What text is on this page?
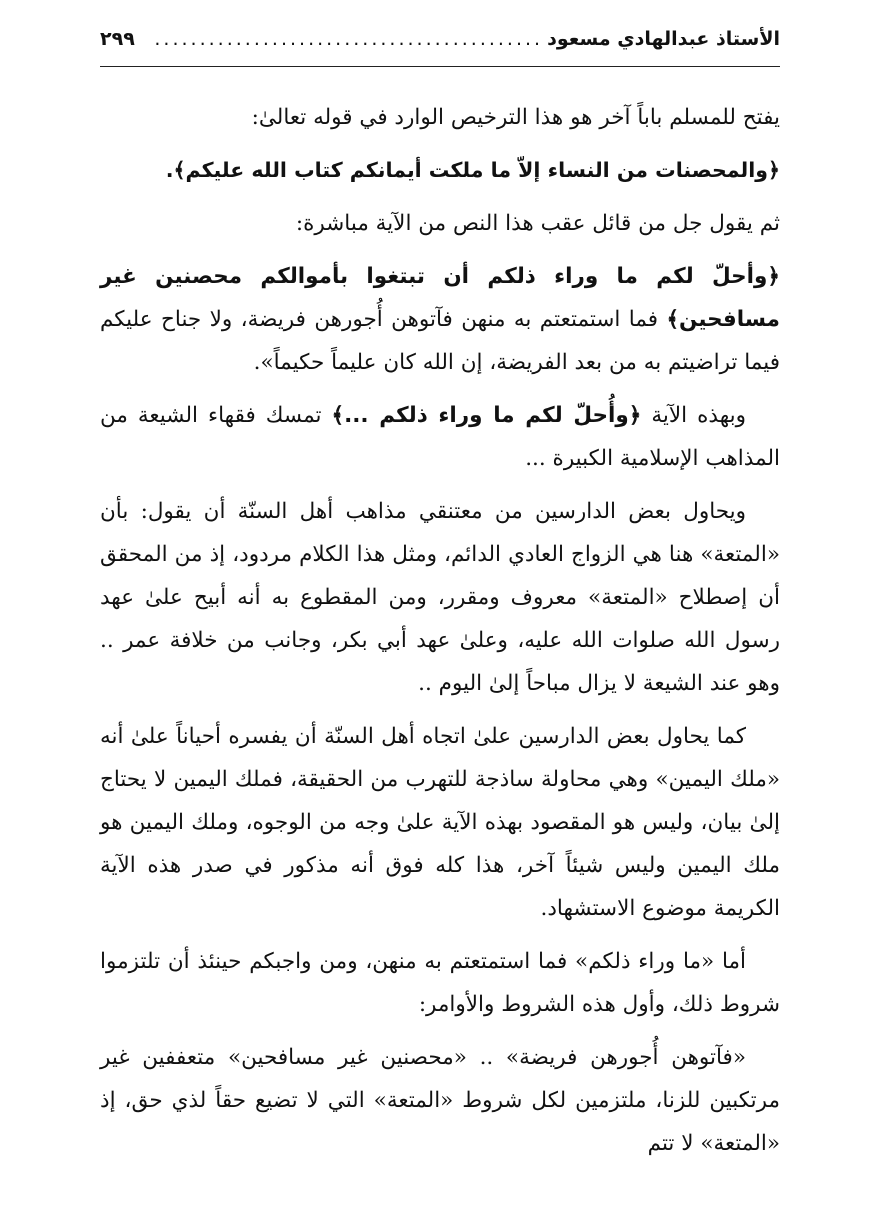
الأستاذ عبدالهادي مسعود
...........................................
٢٩٩

يفتح للمسلم باباً آخر هو هذا الترخيص الوارد في قوله تعالىٰ:

﴿والمحصنات من النساء إلاّ ما ملكت أيمانكم كتاب الله عليكم﴾.

ثم يقول جل من قائل عقب هذا النص من الآية مباشرة:

﴿وأحلّ لكم ما وراء ذلكم أن تبتغوا بأموالكم محصنين غير مسافحين﴾ فما استمتعتم به منهن فآتوهن أُجورهن فريضة، ولا جناح عليكم فيما تراضيتم به من بعد الفريضة، إن الله كان عليماً حكيماً».

وبهذه الآية ﴿وأُحلّ لكم ما وراء ذلكم ...﴾ تمسك فقهاء الشيعة من المذاهب الإسلامية الكبيرة ...

ويحاول بعض الدارسين من معتنقي مذاهب أهل السنّة أن يقول: بأن «المتعة» هنا هي الزواج العادي الدائم، ومثل هذا الكلام مردود، إذ من المحقق أن إصطلاح «المتعة» معروف ومقرر، ومن المقطوع به أنه أبيح علىٰ عهد رسول الله صلوات الله عليه، وعلىٰ عهد أبي بكر، وجانب من خلافة عمر .. وهو عند الشيعة لا يزال مباحاً إلىٰ اليوم ..

كما يحاول بعض الدارسين علىٰ اتجاه أهل السنّة أن يفسره أحياناً علىٰ أنه «ملك اليمين» وهي محاولة ساذجة للتهرب من الحقيقة، فملك اليمين لا يحتاج إلىٰ بيان، وليس هو المقصود بهذه الآية علىٰ وجه من الوجوه، وملك اليمين هو ملك اليمين وليس شيئاً آخر، هذا كله فوق أنه مذكور في صدر هذه الآية الكريمة موضوع الاستشهاد.

أما «ما وراء ذلكم» فما استمتعتم به منهن، ومن واجبكم حينئذ أن تلتزموا شروط ذلك، وأول هذه الشروط والأوامر:

«فآتوهن أُجورهن فريضة» .. «محصنين غير مسافحين» متعففين غير مرتكبين للزنا، ملتزمين لكل شروط «المتعة» التي لا تضيع حقاً لذي حق، إذ «المتعة» لا تتم
